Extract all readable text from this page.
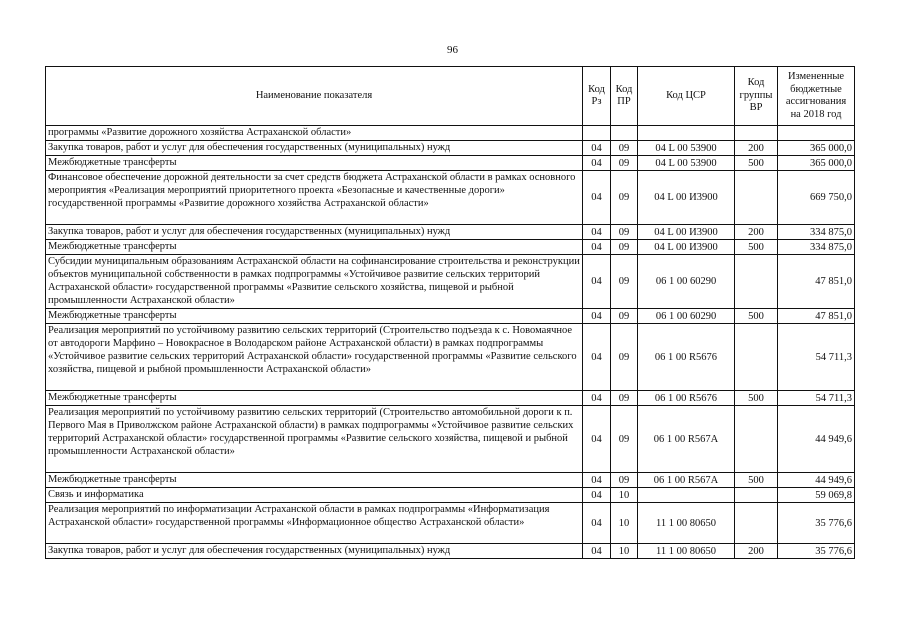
96
Наименование показателя	Код Рз	Код ПР	Код ЦСР	Код группы ВР	Измененные бюджетные ассигнования на 2018 год
программы «Развитие дорожного хозяйства Астраханской области»					
Закупка товаров, работ и услуг для обеспечения государственных (муниципальных) нужд	04	09	04 L 00 53900	200	365 000,0
Межбюджетные трансферты	04	09	04 L 00 53900	500	365 000,0
Финансовое обеспечение дорожной деятельности за счет средств бюджета Астраханской области в рамках основного мероприятия «Реализация мероприятий приоритетного проекта «Безопасные и качественные дороги» государственной программы «Развитие дорожного хозяйства Астраханской области»	04	09	04 L 00 И3900		669 750,0
Закупка товаров, работ и услуг для обеспечения государственных (муниципальных) нужд	04	09	04 L 00 И3900	200	334 875,0
Межбюджетные трансферты	04	09	04 L 00 И3900	500	334 875,0
Субсидии муниципальным образованиям Астраханской области на софинансирование строительства и реконструкции объектов муниципальной собственности в рамках подпрограммы «Устойчивое развитие сельских территорий Астраханской области» государственной программы «Развитие сельского хозяйства, пищевой и рыбной промышленности Астраханской области»	04	09	06 1 00 60290		47 851,0
Межбюджетные трансферты	04	09	06 1 00 60290	500	47 851,0
Реализация мероприятий по устойчивому развитию сельских территорий (Строительство подъезда к с. Новомаячное от автодороги Марфино – Новокрасное в Володарском районе Астраханской области) в рамках подпрограммы «Устойчивое развитие сельских территорий Астраханской области» государственной программы «Развитие сельского хозяйства, пищевой и рыбной промышленности Астраханской области»	04	09	06 1 00 R5676		54 711,3
Межбюджетные трансферты	04	09	06 1 00 R5676	500	54 711,3
Реализация мероприятий по устойчивому развитию сельских территорий (Строительство автомобильной дороги к п. Первого Мая в Приволжском районе Астраханской области) в рамках подпрограммы «Устойчивое развитие сельских территорий Астраханской области» государственной программы «Развитие сельского хозяйства, пищевой и рыбной промышленности Астраханской области»	04	09	06 1 00 R567A		44 949,6
Межбюджетные трансферты	04	09	06 1 00 R567A	500	44 949,6
Связь и информатика	04	10			59 069,8
Реализация мероприятий по информатизации Астраханской области в рамках подпрограммы «Информатизация Астраханской области» государственной программы «Информационное общество Астраханской области»	04	10	11 1 00 80650		35 776,6
Закупка товаров, работ и услуг для обеспечения государственных (муниципальных) нужд	04	10	11 1 00 80650	200	35 776,6
